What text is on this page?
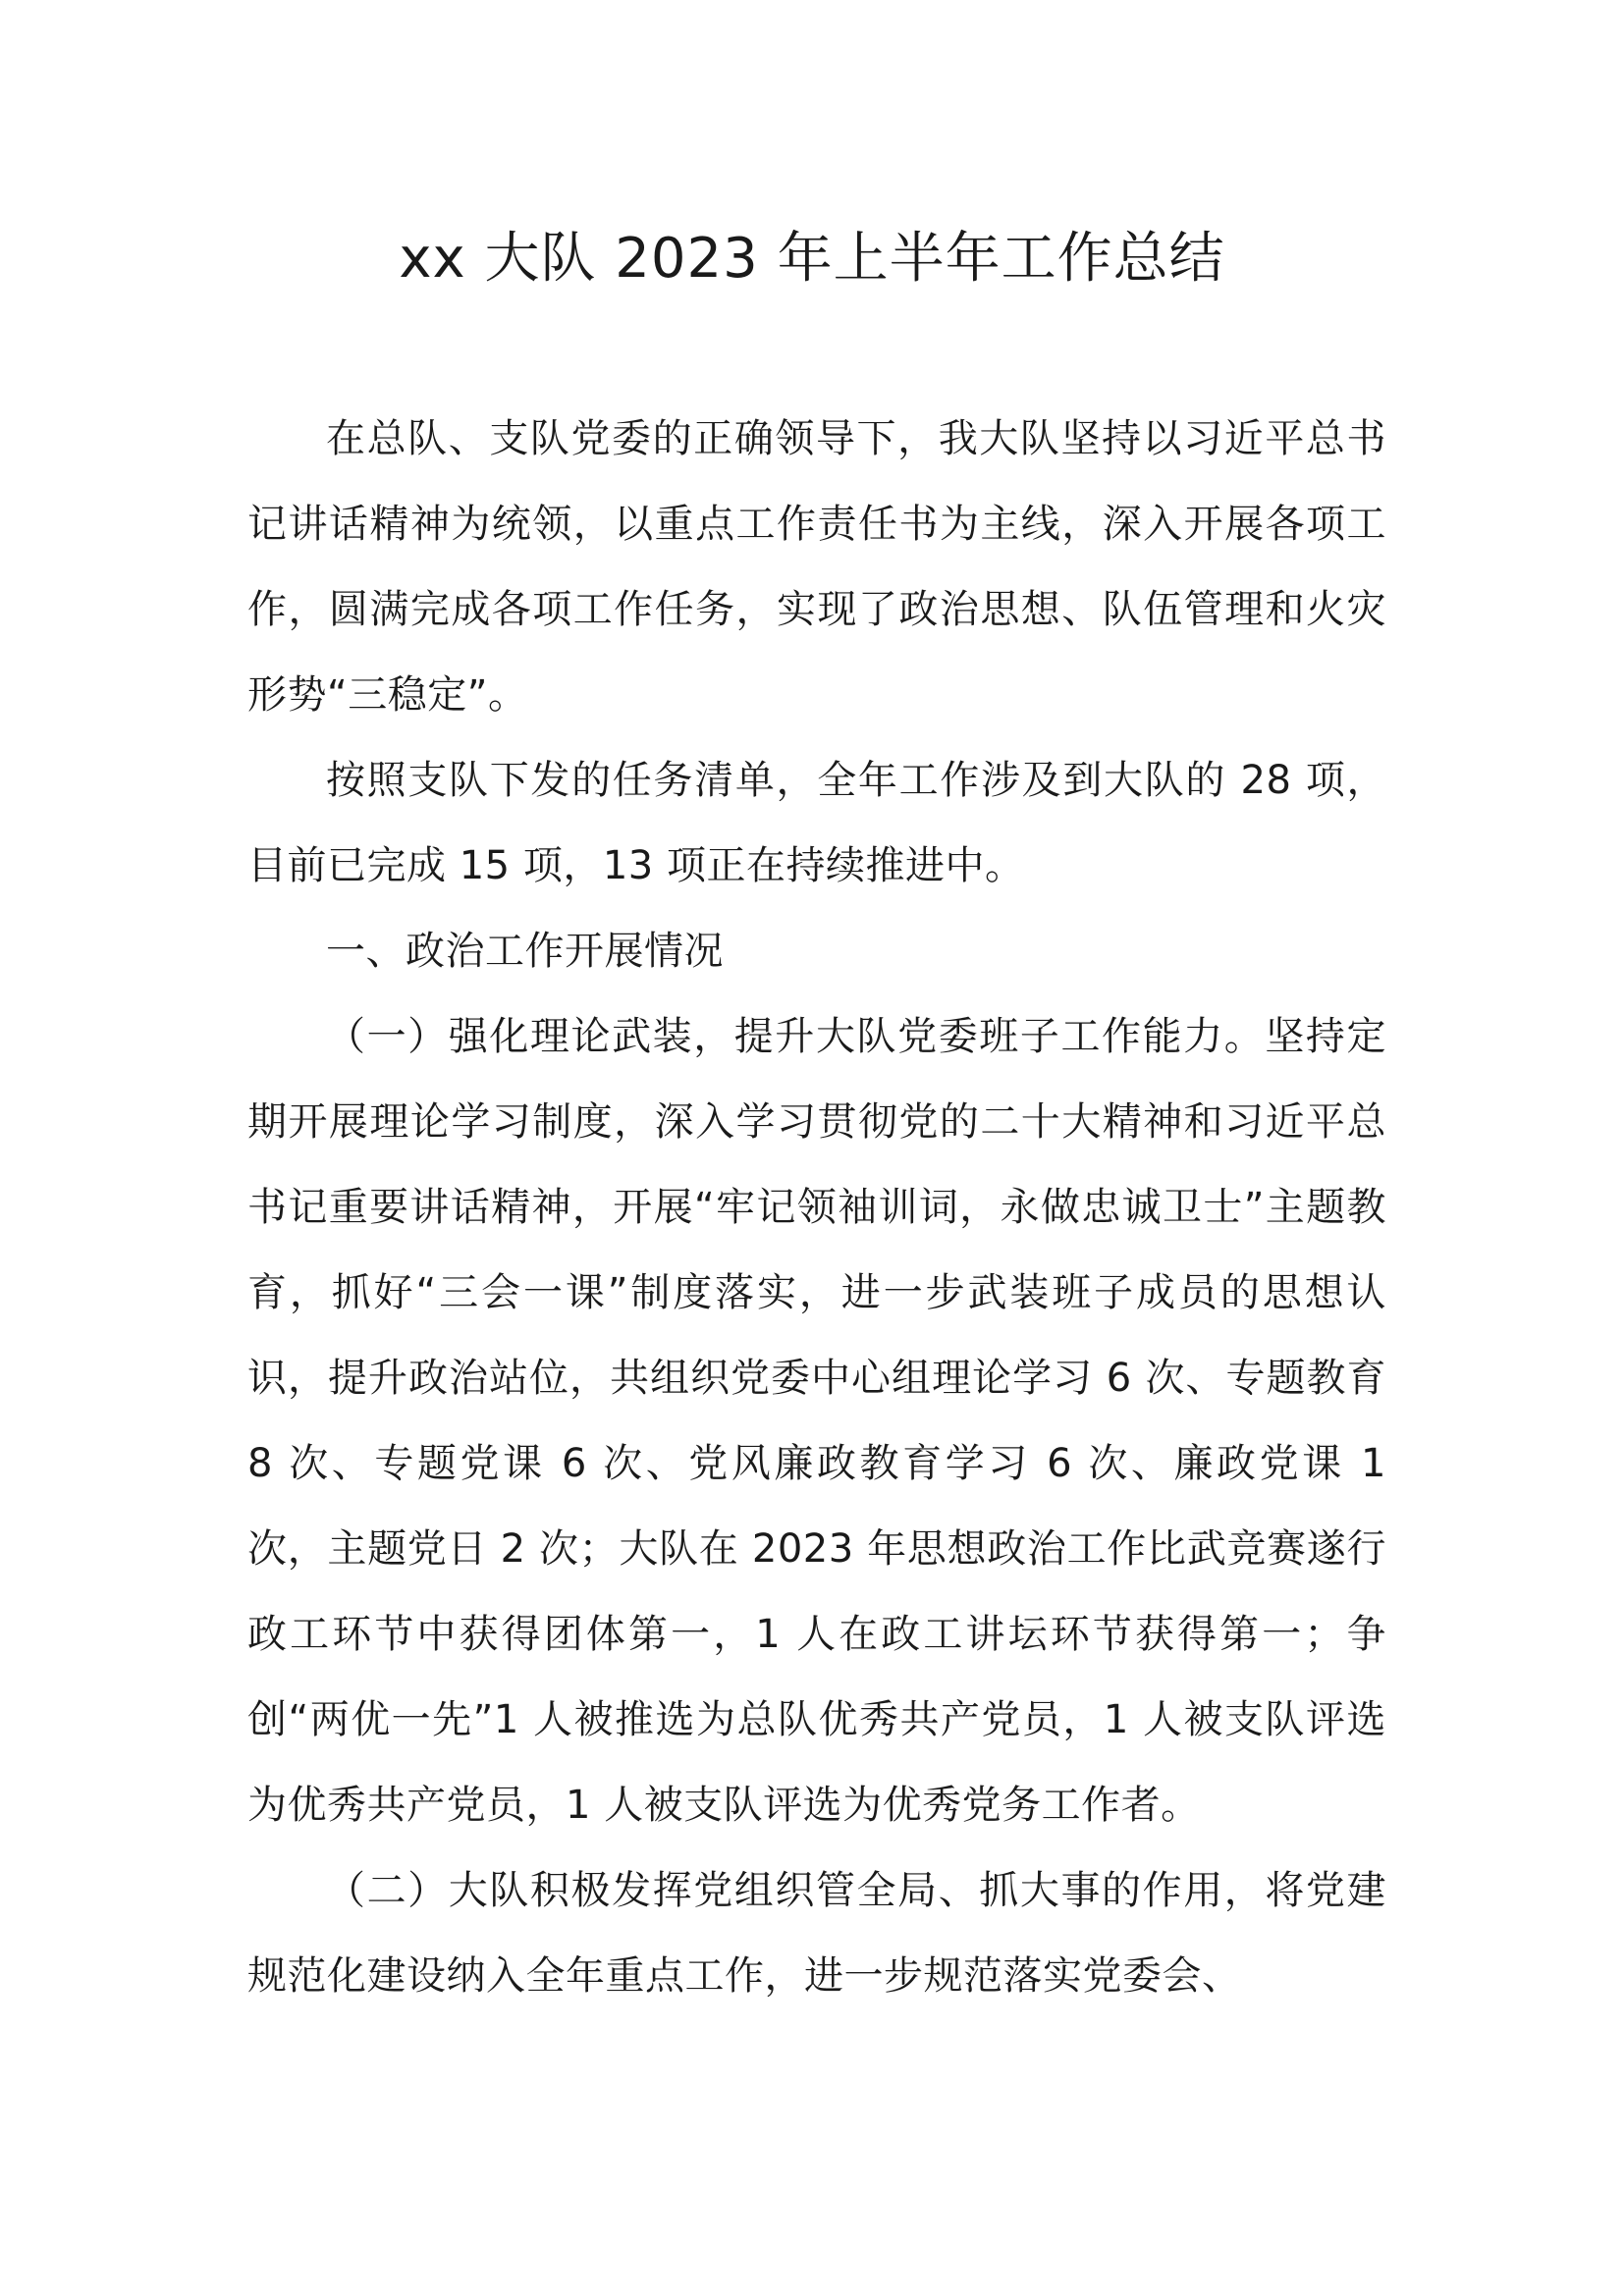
xx 大队 2023 年上半年工作总结

在总队、支队党委的正确领导下，我大队坚持以习近平总书记讲话精神为统领，以重点工作责任书为主线，深入开展各项工作，圆满完成各项工作任务，实现了政治思想、队伍管理和火灾形势“三稳定”。

按照支队下发的任务清单，全年工作涉及到大队的 28 项，目前已完成 15 项，13 项正在持续推进中。

一、政治工作开展情况

（一）强化理论武装，提升大队党委班子工作能力。坚持定期开展理论学习制度，深入学习贯彻党的二十大精神和习近平总书记重要讲话精神，开展“牢记领袖训词，永做忠诚卫士”主题教育，抓好“三会一课”制度落实，进一步武装班子成员的思想认识，提升政治站位，共组织党委中心组理论学习 6 次、专题教育 8 次、专题党课 6 次、党风廉政教育学习 6 次、廉政党课 1 次，主题党日 2 次；大队在 2023 年思想政治工作比武竞赛遂行政工环节中获得团体第一，1 人在政工讲坛环节获得第一；争创“两优一先”1 人被推选为总队优秀共产党员，1 人被支队评选为优秀共产党员，1 人被支队评选为优秀党务工作者。

（二）大队积极发挥党组织管全局、抓大事的作用，将党建规范化建设纳入全年重点工作，进一步规范落实党委会、
